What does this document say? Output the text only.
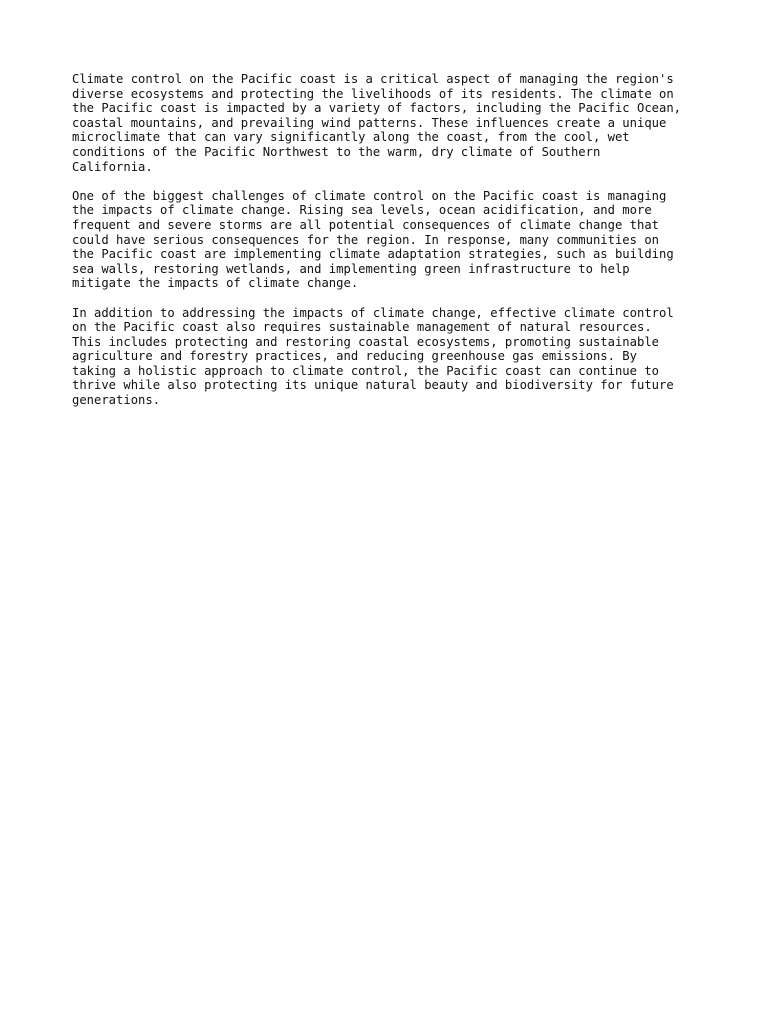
Climate control on the Pacific coast is a critical aspect of managing the region's
diverse ecosystems and protecting the livelihoods of its residents. The climate on
the Pacific coast is impacted by a variety of factors, including the Pacific Ocean,
coastal mountains, and prevailing wind patterns. These influences create a unique
microclimate that can vary significantly along the coast, from the cool, wet
conditions of the Pacific Northwest to the warm, dry climate of Southern
California.

One of the biggest challenges of climate control on the Pacific coast is managing
the impacts of climate change. Rising sea levels, ocean acidification, and more
frequent and severe storms are all potential consequences of climate change that
could have serious consequences for the region. In response, many communities on
the Pacific coast are implementing climate adaptation strategies, such as building
sea walls, restoring wetlands, and implementing green infrastructure to help
mitigate the impacts of climate change.

In addition to addressing the impacts of climate change, effective climate control
on the Pacific coast also requires sustainable management of natural resources.
This includes protecting and restoring coastal ecosystems, promoting sustainable
agriculture and forestry practices, and reducing greenhouse gas emissions. By
taking a holistic approach to climate control, the Pacific coast can continue to
thrive while also protecting its unique natural beauty and biodiversity for future
generations.
